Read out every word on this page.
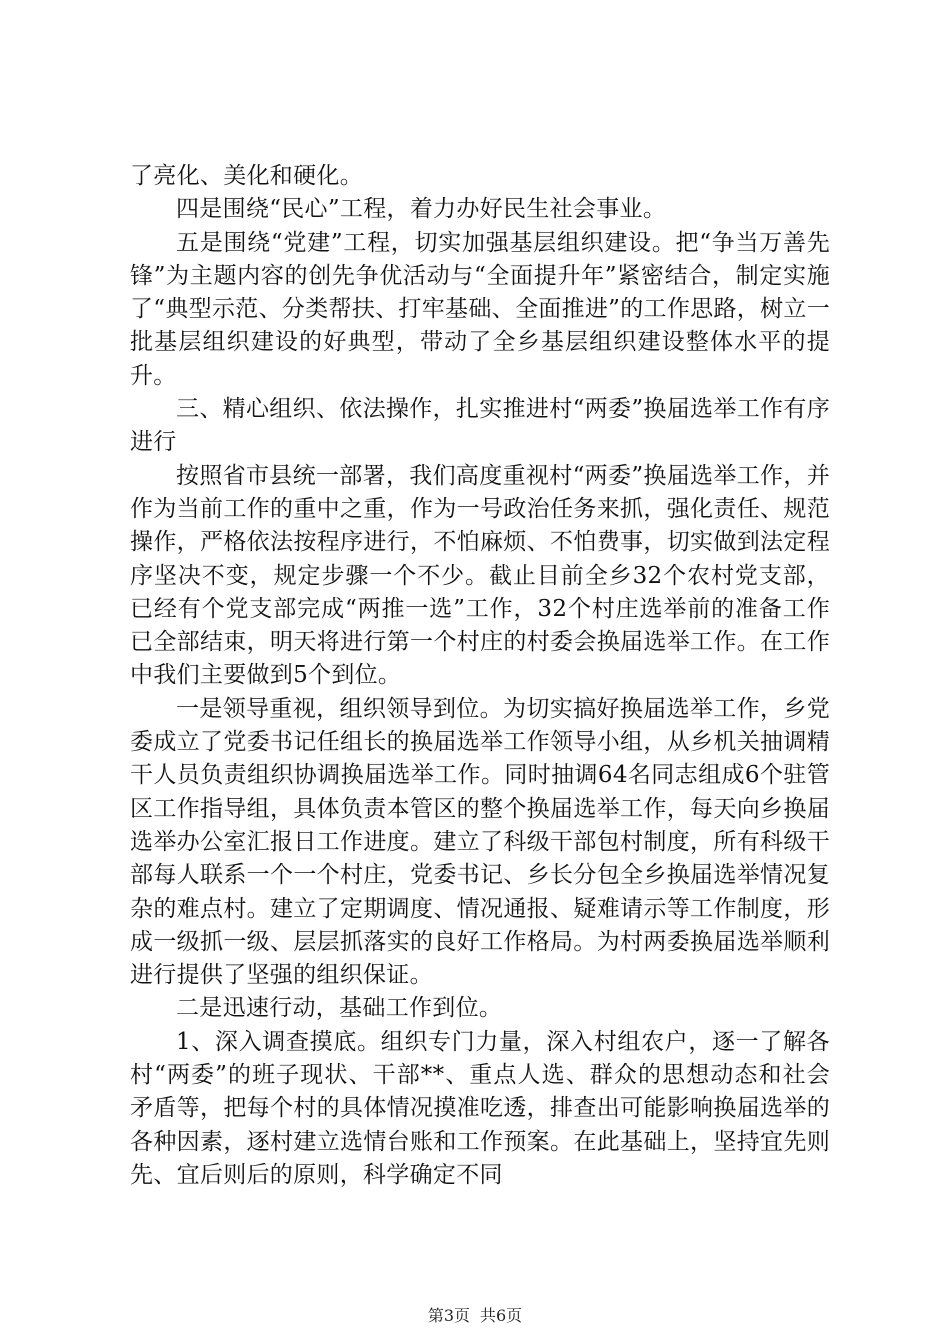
了亮化、美化和硬化。

四是围绕“民心”工程，着力办好民生社会事业。

五是围绕“党建”工程，切实加强基层组织建设。把“争当万善先锋”为主题内容的创先争优活动与“全面提升年”紧密结合，制定实施了“典型示范、分类帮扶、打牢基础、全面推进”的工作思路，树立一批基层组织建设的好典型，带动了全乡基层组织建设整体水平的提升。

三、精心组织、依法操作，扎实推进村“两委”换届选举工作有序进行

按照省市县统一部署，我们高度重视村“两委”换届选举工作，并作为当前工作的重中之重，作为一号政治任务来抓，强化责任、规范操作，严格依法按程序进行，不怕麻烦、不怕费事，切实做到法定程序坚决不变，规定步骤一个不少。截止目前全乡32个农村党支部，已经有个党支部完成“两推一选”工作，32个村庄选举前的准备工作已全部结束，明天将进行第一个村庄的村委会换届选举工作。在工作中我们主要做到5个到位。

一是领导重视，组织领导到位。为切实搞好换届选举工作，乡党委成立了党委书记任组长的换届选举工作领导小组，从乡机关抽调精干人员负责组织协调换届选举工作。同时抽调64名同志组成6个驻管区工作指导组，具体负责本管区的整个换届选举工作，每天向乡换届选举办公室汇报日工作进度。建立了科级干部包村制度，所有科级干部每人联系一个一个村庄，党委书记、乡长分包全乡换届选举情况复杂的难点村。建立了定期调度、情况通报、疑难请示等工作制度，形成一级抓一级、层层抓落实的良好工作格局。为村两委换届选举顺利进行提供了坚强的组织保证。

二是迅速行动，基础工作到位。

1、深入调查摸底。组织专门力量，深入村组农户，逐一了解各村“两委”的班子现状、干部**、重点人选、群众的思想动态和社会矛盾等，把每个村的具体情况摸准吃透，排查出可能影响换届选举的各种因素，逐村建立选情台账和工作预案。在此基础上，坚持宜先则先、宜后则后的原则，科学确定不同

第3页 共6页
